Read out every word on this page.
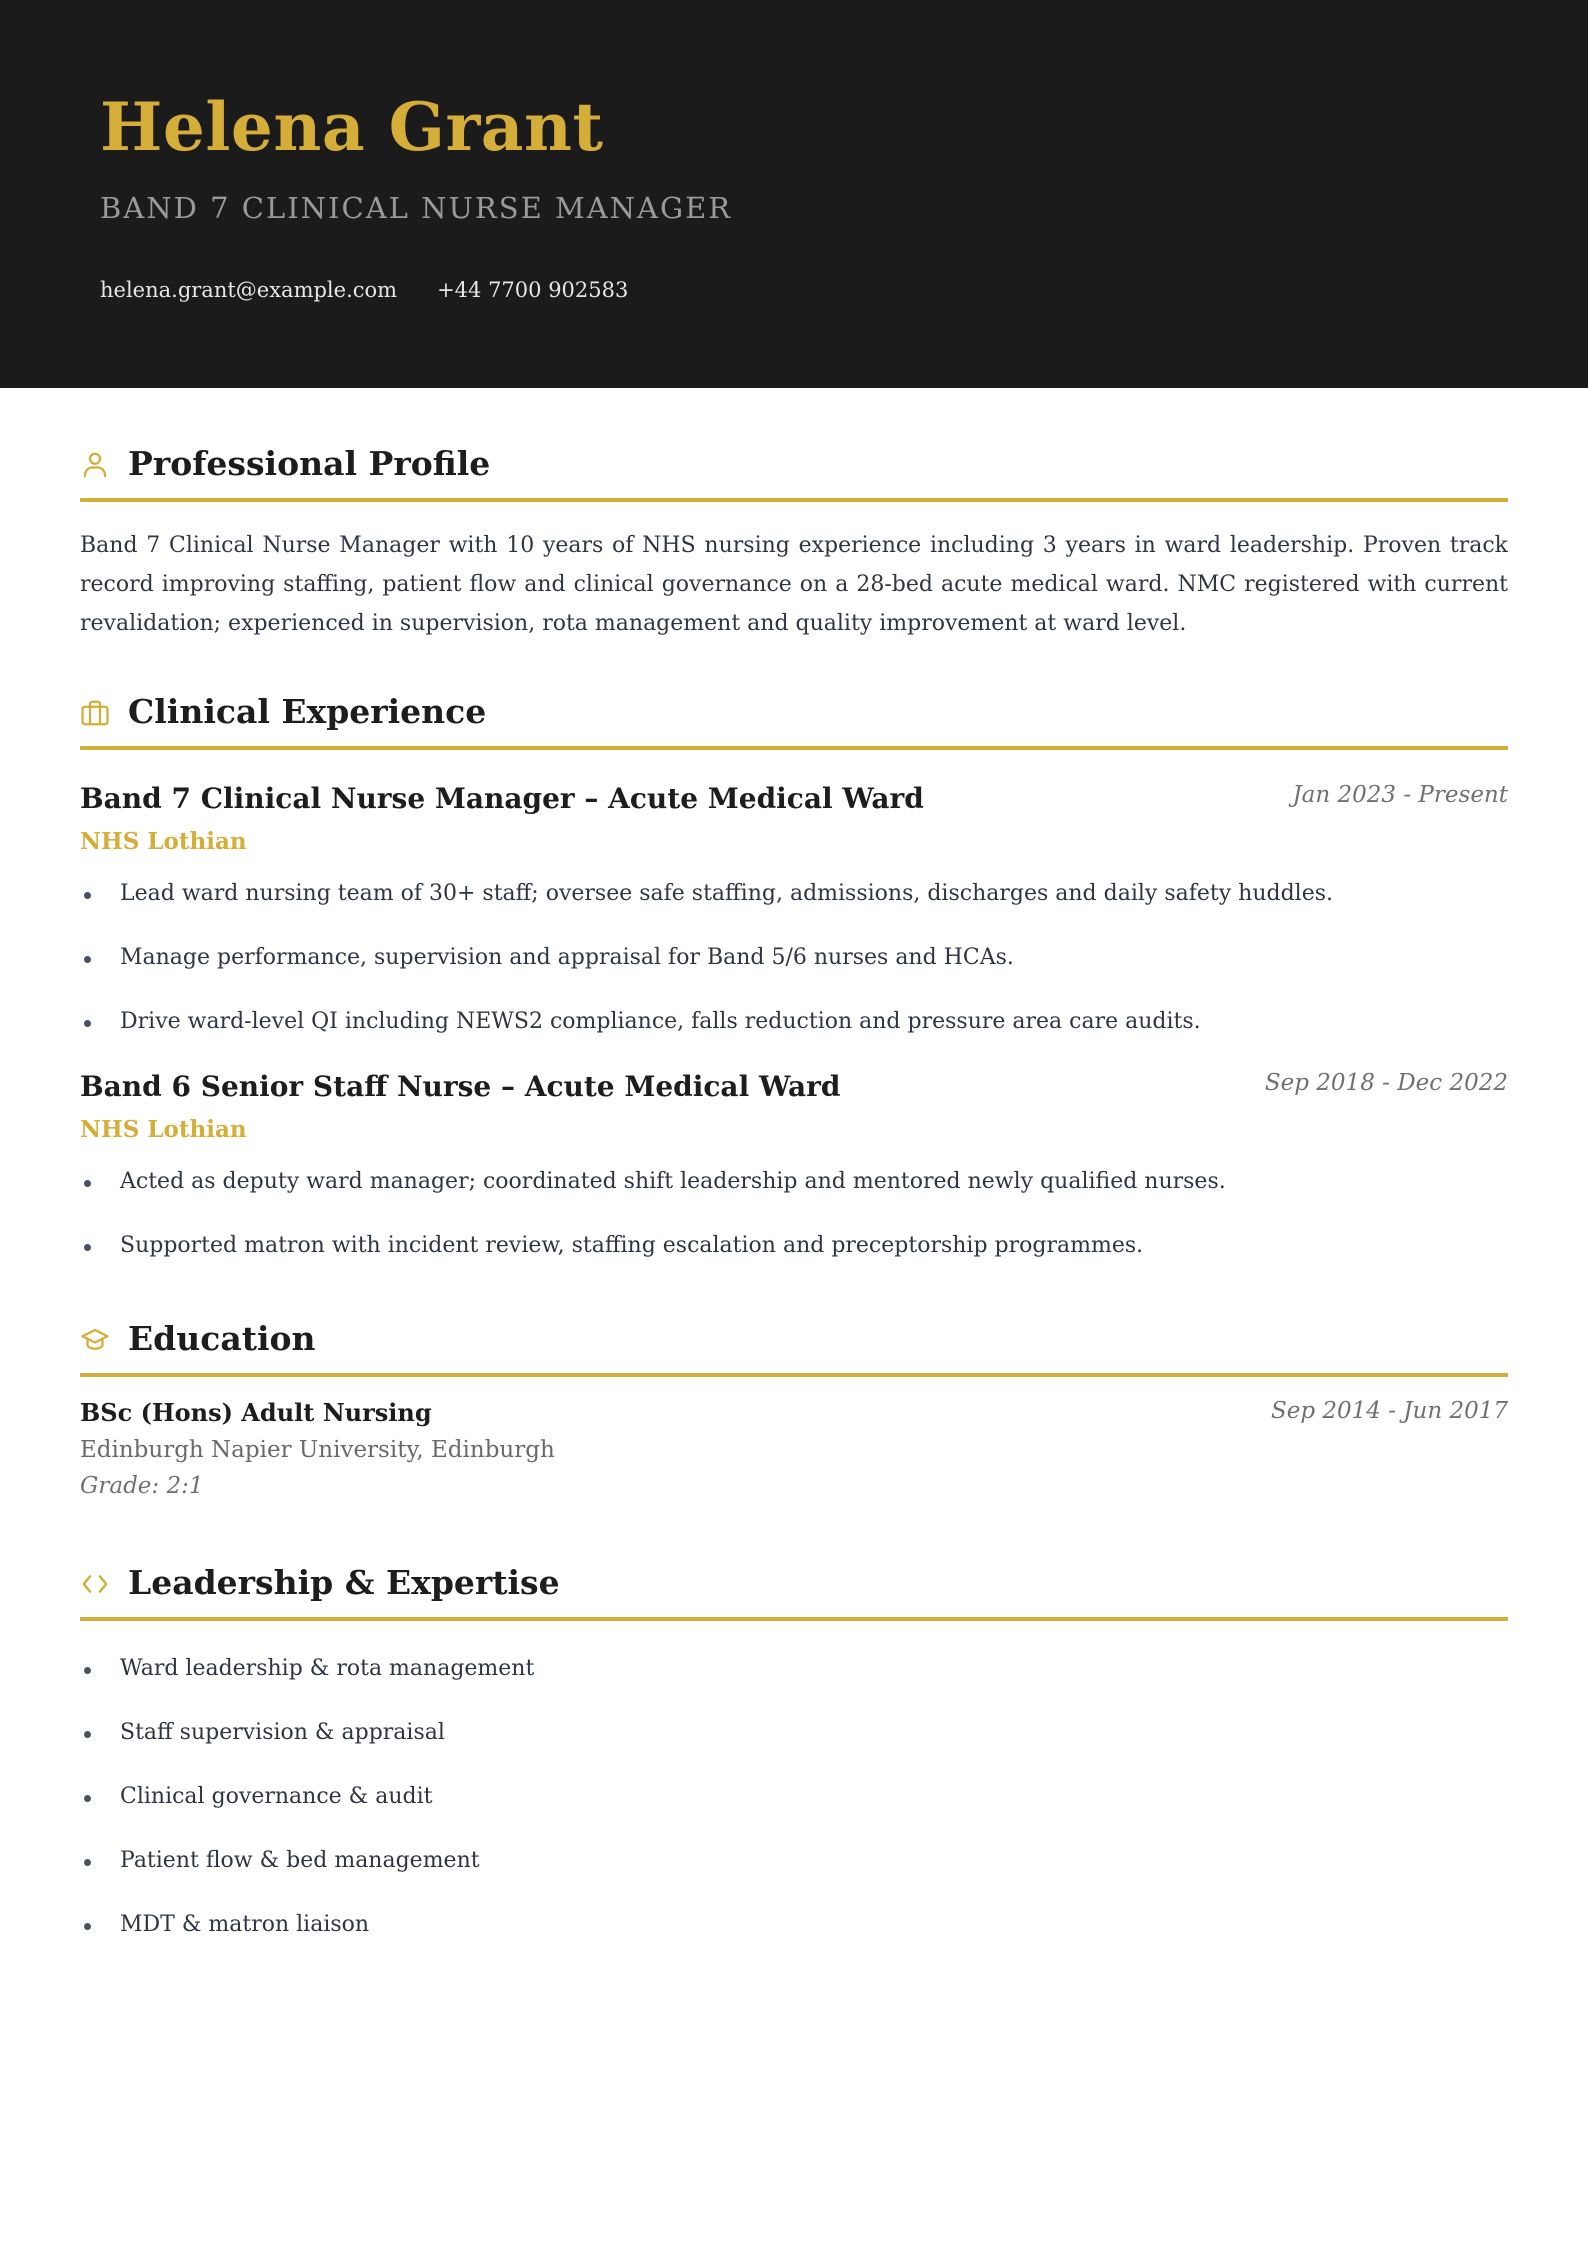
Helena Grant
BAND 7 CLINICAL NURSE MANAGER
helena.grant@example.com +44 7700 902583
Professional Profile
Band 7 Clinical Nurse Manager with 10 years of NHS nursing experience including 3 years in ward leadership. Proven track record improving staffing, patient flow and clinical governance on a 28-bed acute medical ward. NMC registered with current revalidation; experienced in supervision, rota management and quality improvement at ward level.
Clinical Experience
Band 7 Clinical Nurse Manager – Acute Medical Ward	Jan 2023 - Present
NHS Lothian
Lead ward nursing team of 30+ staff; oversee safe staffing, admissions, discharges and daily safety huddles.
Manage performance, supervision and appraisal for Band 5/6 nurses and HCAs.
Drive ward-level QI including NEWS2 compliance, falls reduction and pressure area care audits.
Band 6 Senior Staff Nurse – Acute Medical Ward	Sep 2018 - Dec 2022
NHS Lothian
Acted as deputy ward manager; coordinated shift leadership and mentored newly qualified nurses.
Supported matron with incident review, staffing escalation and preceptorship programmes.
Education
BSc (Hons) Adult Nursing	Sep 2014 - Jun 2017
Edinburgh Napier University, Edinburgh
Grade: 2:1
Leadership & Expertise
Ward leadership & rota management
Staff supervision & appraisal
Clinical governance & audit
Patient flow & bed management
MDT & matron liaison
